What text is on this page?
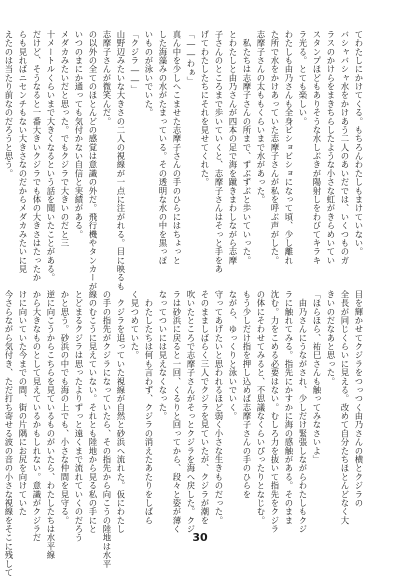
てわたしにかけてくる。もちろんわたしもまけていない。
バシャバシャ水をかけあう二人のあいだでは、いくつものガ
ラスのかけらをまきちらしたような小さな虹がきらめいてい
スタンプほどもありそうな水しぶきが陽射しをわびてキラキ
ラ光る。とても楽しい。
わたしも由乃さんも全身ビショビショになって頃、少し離れ
た所で水をかけあっていた志摩子さんが私を呼ぶ声がした。
志摩子さんの太ももくらいまで水があった。
　私たちは志摩子さんの所まで、ずぶずぶと歩いていった。
とわたしと由乃さんが四本の足で海を蹴きまわしながら志摩
子さんのところまで歩いていくと、志摩子さんはそっと手をあ
げてわたしたちにそれを見せてくれた。
「――わぁ」
真ん中を少しへこませた志摩子さんの手のひらにはちょっと
した海藻みの水がたまっている。その透明な水の中を黒っぽ
いものが泳いでいた。
「クジラ――」
山野辺みたいな大きさの二人の視線が一点に注がれる。目に映るも
志摩子さんが微笑んだ。
の以外の全てのほとんどの感覚は意識の外だ。飛行機やタンカーが
いつのまにか通っても気付かない自信と実績がある。
メダカみたいだと思った。でもクジラで大きいのだと三
十メートルくらいまで大きくなるという話を聞いたことがある。
だけど、そうなると一番大きいクジラでも体の大きさはたったか
らも見ればニセンチもない大きさなのだからメダカみたいに見
えたのは当たり前なのだろうと思う。
目を輝かせてクジラをつっつく由乃さんの横とクジラの
全長が同じくらいに見える。改めて自分たちほとんどなく大
きいのだなあと思った。
「ほらほら、祐巳さんも触ってみなさいよ」
　由乃さんにうながされ、少しだけ緊張しながらわたしもクジ
ラに触れてみる。指先にかすかに海の感触がある。そのまま
沈む。力をこめる必要はない。むしろ力を抜いて指先をクジラ
の体にそわせてみると、不思議なくらいぴったりとなじむ。
もう少しだけ指を押し込めば志摩子さんの手のひらを
ながら、ゆっくりと泳いでいく。
守ってあげたいと思われるほど弱く小さな生きものだった。
そのまましばらく三人でクジラを見ていたが、クジラが潮を
吹いたところで志摩子さんがそっとクジラを海へ戻した。クジ
ラは砂浜に戻ると一回、くるりと回ってから、段々と姿が薄く
なってついには見えなくなった。
　わたしたちは何も言わず、クジラの消えたあたりをしばら
く見つめていた。
　クジラを追っていた視線が自然と砂浜へ流れた。仮にわたし
の手の指先がクジラになっていたら、その指先から向こうの陸地は水平
線のむこうに見えていない。それとも陸地から見る私の手にと
とどまるクジラは思ったよりずっと遠くまで流れていくのだろう
かと思う。砂浜の中でも海の上でも、小さな仲間を見守る。
逆に向こうからこちらを見ているものがいたら、わたしたちは水平線
から大きなものとして見えているかもしれない。意識がクジラだ
けに向いていた今までの間、街の片隅にお尻を向けていた
今さらながら気付き、ただ打ち寄せる波の音の小さな視線をそこに残して	30
